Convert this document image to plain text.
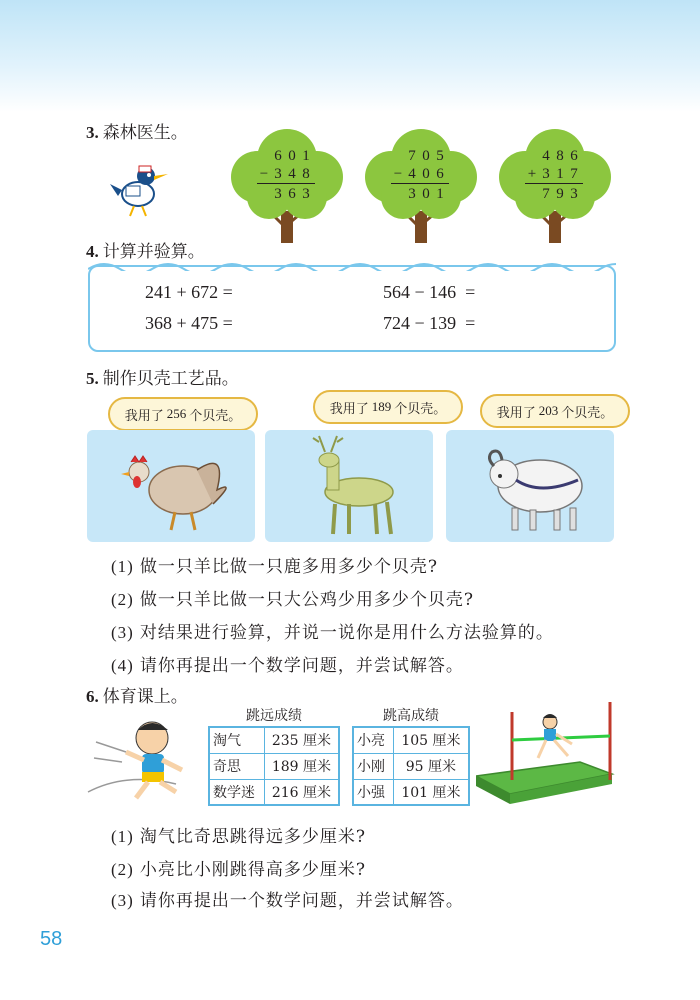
3. 森林医生。
6 0 1
− 3 4 8
3 6 3
7 0 5
− 4 0 6
3 0 1
4 8 6
+ 3 1 7
7 9 3
4. 计算并验算。
241 + 672 =	564 − 146  =
368 + 475 =	724 − 139  =
5. 制作贝壳工艺品。
我用了 256 个贝壳。	我用了 189 个贝壳。	我用了 203 个贝壳。
(1) 做一只羊比做一只鹿多用多少个贝壳?
(2) 做一只羊比做一只大公鸡少用多少个贝壳?
(3) 对结果进行验算，并说一说你是用什么方法验算的。
(4) 请你再提出一个数学问题，并尝试解答。
6. 体育课上。
跳远成绩
淘气	235 厘米
奇思	189 厘米
数学迷	216 厘米
跳高成绩
小亮	105 厘米
小刚	95 厘米
小强	101 厘米
(1) 淘气比奇思跳得远多少厘米?
(2) 小亮比小刚跳得高多少厘米?
(3) 请你再提出一个数学问题，并尝试解答。
58
